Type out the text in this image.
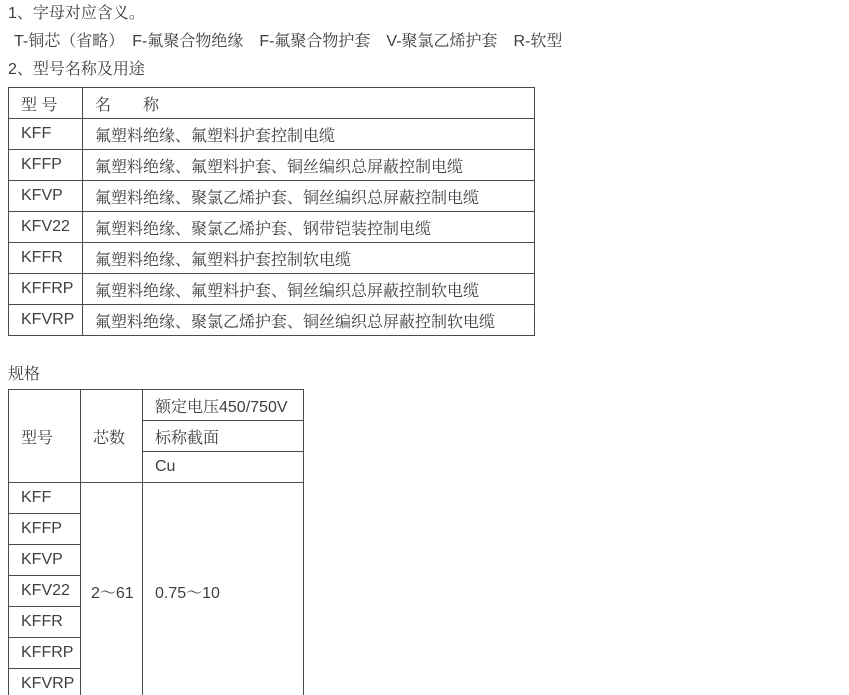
1、字母对应含义。

T-铜芯（省略）　F-氟聚合物绝缘　F-氟聚合物护套　V-聚氯乙烯护套　R-软型

2、型号名称及用途

型 号	名　　称
KFF	氟塑料绝缘、氟塑料护套控制电缆
KFFP	氟塑料绝缘、氟塑料护套、铜丝编织总屏蔽控制电缆
KFVP	氟塑料绝缘、聚氯乙烯护套、铜丝编织总屏蔽控制电缆
KFV22	氟塑料绝缘、聚氯乙烯护套、钢带铠装控制电缆
KFFR	氟塑料绝缘、氟塑料护套控制软电缆
KFFRP	氟塑料绝缘、氟塑料护套、铜丝编织总屏蔽控制软电缆
KFVRP	氟塑料绝缘、聚氯乙烯护套、铜丝编织总屏蔽控制软电缆

规格

型号	芯数	额定电压450/750V
		标称截面
		Cu
KFF	2～61	0.75～10
KFFP		
KFVP		
KFV22		
KFFR		
KFFRP		
KFVRP		
